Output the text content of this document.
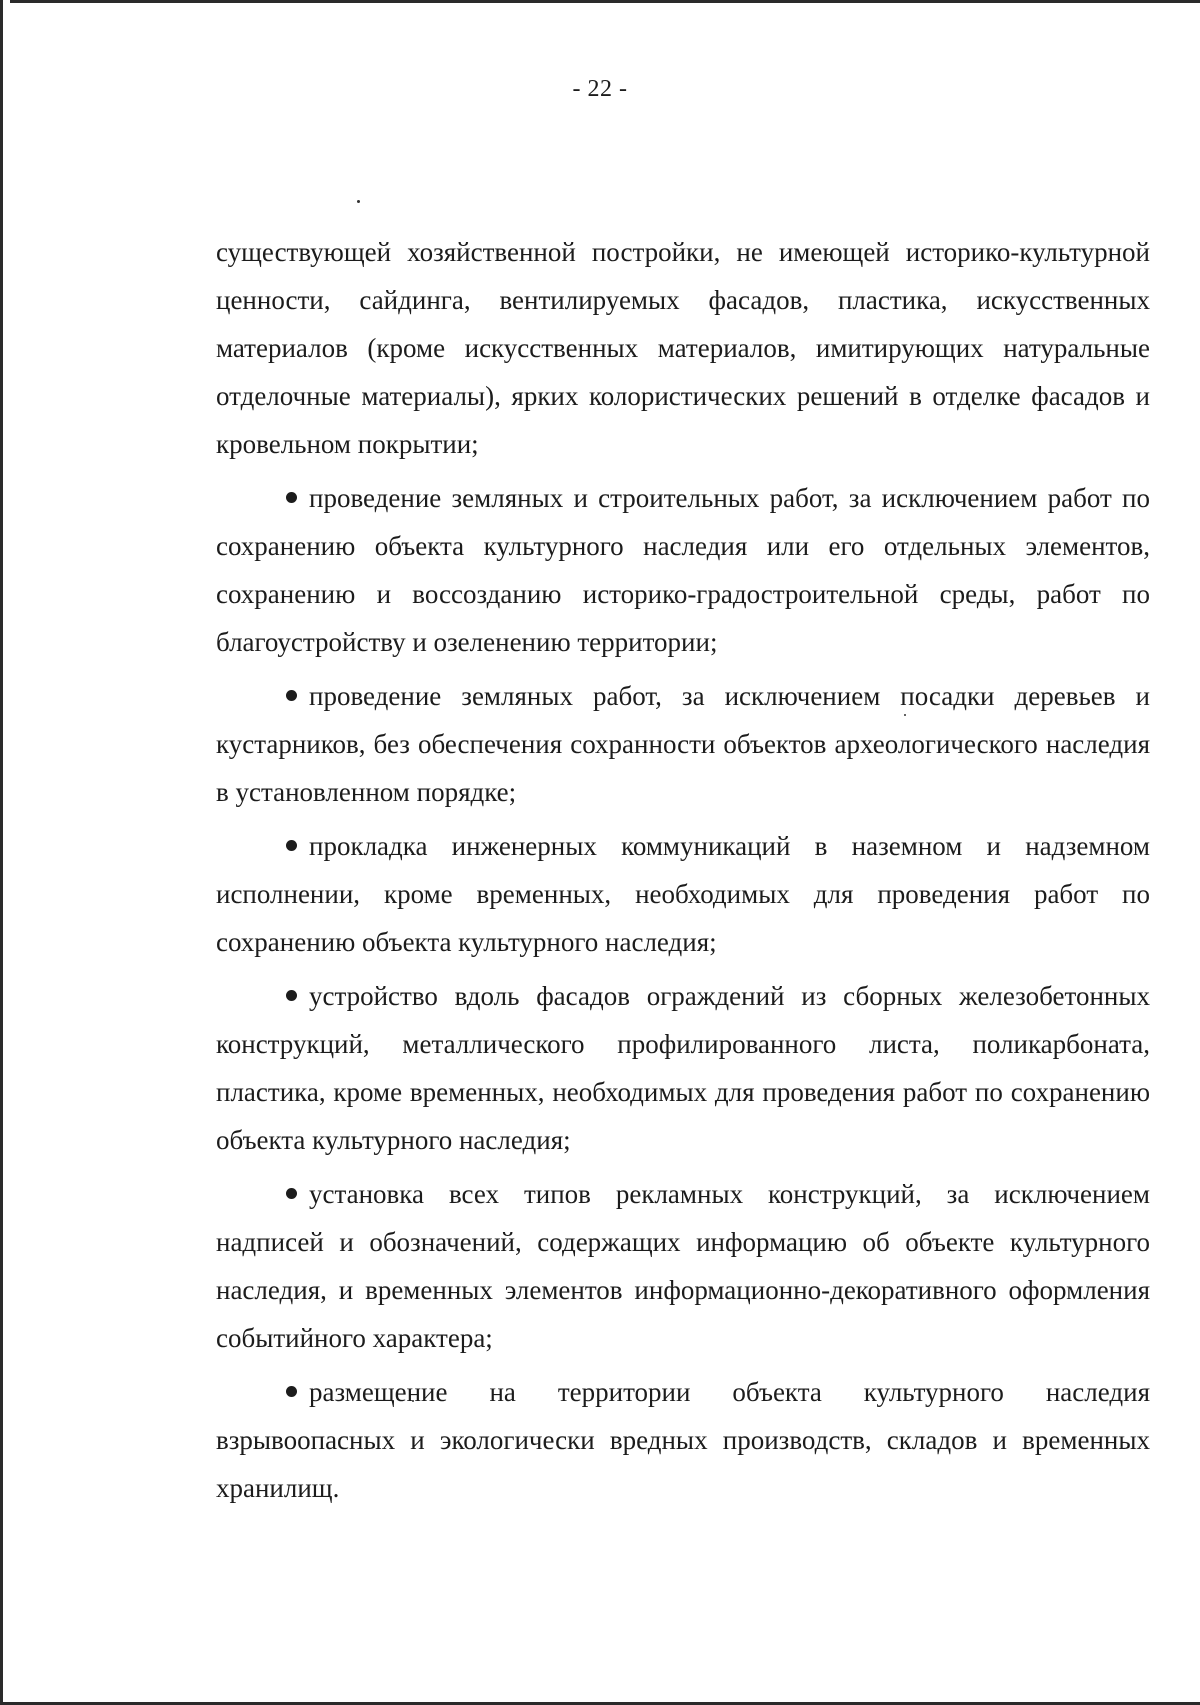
- 22 -

существующей хозяйственной постройки, не имеющей историко-культурной ценности, сайдинга, вентилируемых фасадов, пластика, искусственных материалов (кроме искусственных материалов, имитирующих натуральные отделочные материалы), ярких колористических решений в отделке фасадов и кровельном покрытии;

проведение земляных и строительных работ, за исключением работ по сохранению объекта культурного наследия или его отдельных элементов, сохранению и воссозданию историко-градостроительной среды, работ по благоустройству и озеленению территории;

проведение земляных работ, за исключением посадки деревьев и кустарников, без обеспечения сохранности объектов археологического наследия в установленном порядке;

прокладка инженерных коммуникаций в наземном и надземном исполнении, кроме временных, необходимых для проведения работ по сохранению объекта культурного наследия;

устройство вдоль фасадов ограждений из сборных железобетонных конструкций, металлического профилированного листа, поликарбоната, пластика, кроме временных, необходимых для проведения работ по сохранению объекта культурного наследия;

установка всех типов рекламных конструкций, за исключением надписей и обозначений, содержащих информацию об объекте культурного наследия, и временных элементов информационно-декоративного оформления событийного характера;

размещение на территории объекта культурного наследия взрывоопасных и экологически вредных производств, складов и временных хранилищ.
